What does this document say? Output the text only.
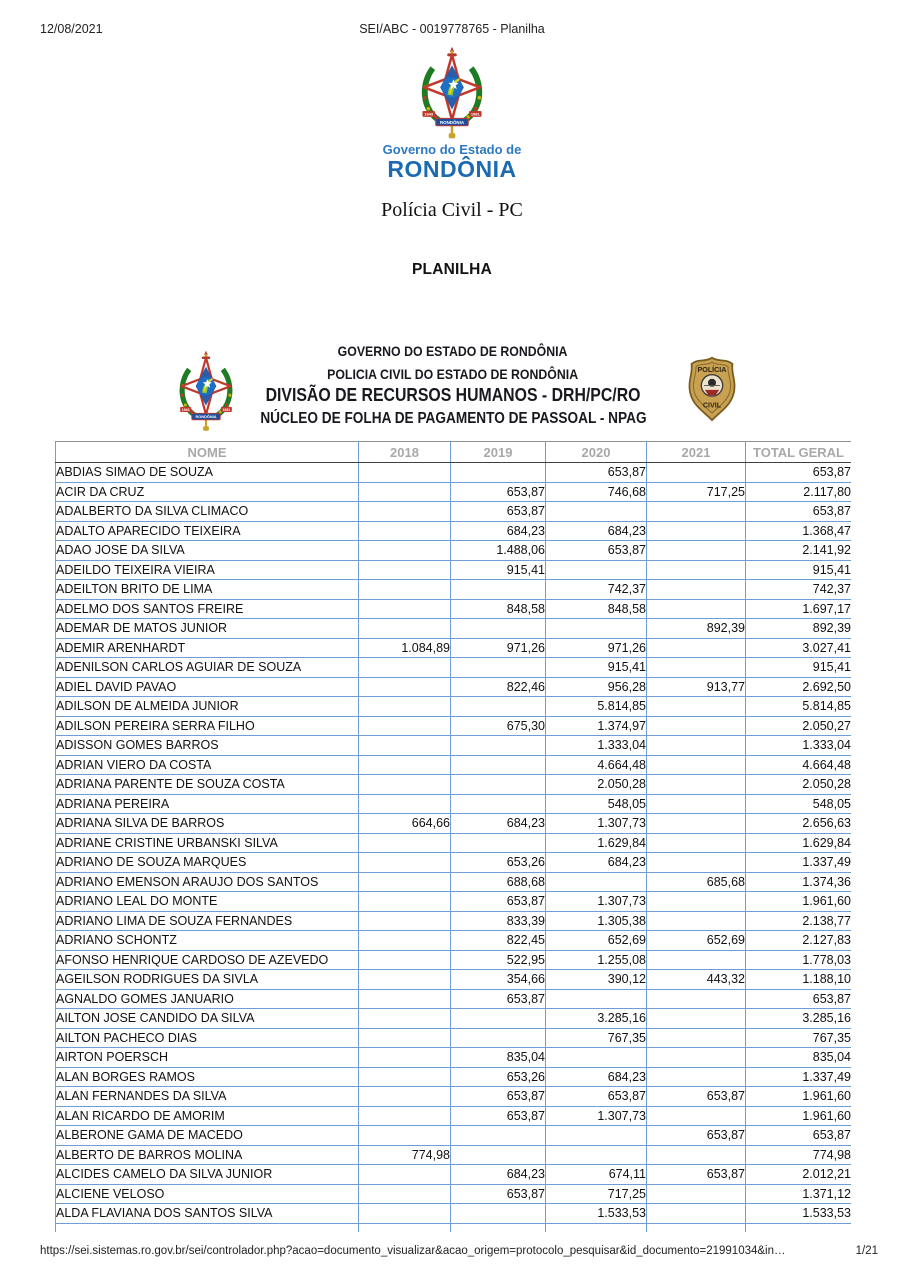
12/08/2021	SEI/ABC - 0019778765 - Planilha
Governo do Estado de
RONDÔNIA
Polícia Civil - PC
PLANILHA
GOVERNO DO ESTADO DE RONDÔNIA
POLICIA CIVIL DO ESTADO DE RONDÔNIA
DIVISÃO DE RECURSOS HUMANOS - DRH/PC/RO
NÚCLEO DE FOLHA DE PAGAMENTO DE PASSOAL - NPAG
NOME	2018	2019	2020	2021	TOTAL GERAL
ABDIAS SIMAO DE SOUZA			653,87		653,87
ACIR DA CRUZ		653,87	746,68	717,25	2.117,80
ADALBERTO DA SILVA CLIMACO		653,87			653,87
ADALTO APARECIDO TEIXEIRA		684,23	684,23		1.368,47
ADAO JOSE DA SILVA		1.488,06	653,87		2.141,92
ADEILDO TEIXEIRA VIEIRA		915,41			915,41
ADEILTON BRITO DE LIMA			742,37		742,37
ADELMO DOS SANTOS FREIRE		848,58	848,58		1.697,17
ADEMAR DE MATOS JUNIOR				892,39	892,39
ADEMIR ARENHARDT	1.084,89	971,26	971,26		3.027,41
ADENILSON CARLOS AGUIAR DE SOUZA			915,41		915,41
ADIEL DAVID PAVAO		822,46	956,28	913,77	2.692,50
ADILSON DE ALMEIDA JUNIOR			5.814,85		5.814,85
ADILSON PEREIRA SERRA FILHO		675,30	1.374,97		2.050,27
ADISSON GOMES BARROS			1.333,04		1.333,04
ADRIAN VIERO DA COSTA			4.664,48		4.664,48
ADRIANA PARENTE DE SOUZA COSTA			2.050,28		2.050,28
ADRIANA PEREIRA			548,05		548,05
ADRIANA SILVA DE BARROS	664,66	684,23	1.307,73		2.656,63
ADRIANE CRISTINE URBANSKI SILVA			1.629,84		1.629,84
ADRIANO DE SOUZA MARQUES		653,26	684,23		1.337,49
ADRIANO EMENSON ARAUJO DOS SANTOS		688,68		685,68	1.374,36
ADRIANO LEAL DO MONTE		653,87	1.307,73		1.961,60
ADRIANO LIMA DE SOUZA FERNANDES		833,39	1.305,38		2.138,77
ADRIANO SCHONTZ		822,45	652,69	652,69	2.127,83
AFONSO HENRIQUE CARDOSO DE AZEVEDO		522,95	1.255,08		1.778,03
AGEILSON RODRIGUES DA SIVLA		354,66	390,12	443,32	1.188,10
AGNALDO GOMES JANUARIO		653,87			653,87
AILTON JOSE CANDIDO DA SILVA			3.285,16		3.285,16
AILTON PACHECO DIAS			767,35		767,35
AIRTON POERSCH		835,04			835,04
ALAN BORGES RAMOS		653,26	684,23		1.337,49
ALAN FERNANDES DA SILVA		653,87	653,87	653,87	1.961,60
ALAN RICARDO DE AMORIM		653,87	1.307,73		1.961,60
ALBERONE GAMA DE MACEDO				653,87	653,87
ALBERTO DE BARROS MOLINA	774,98				774,98
ALCIDES CAMELO DA SILVA JUNIOR		684,23	674,11	653,87	2.012,21
ALCIENE VELOSO		653,87	717,25		1.371,12
ALDA FLAVIANA DOS SANTOS SILVA			1.533,53		1.533,53

https://sei.sistemas.ro.gov.br/sei/controlador.php?acao=documento_visualizar&acao_origem=protocolo_pesquisar&id_documento=21991034&in…	1/21
